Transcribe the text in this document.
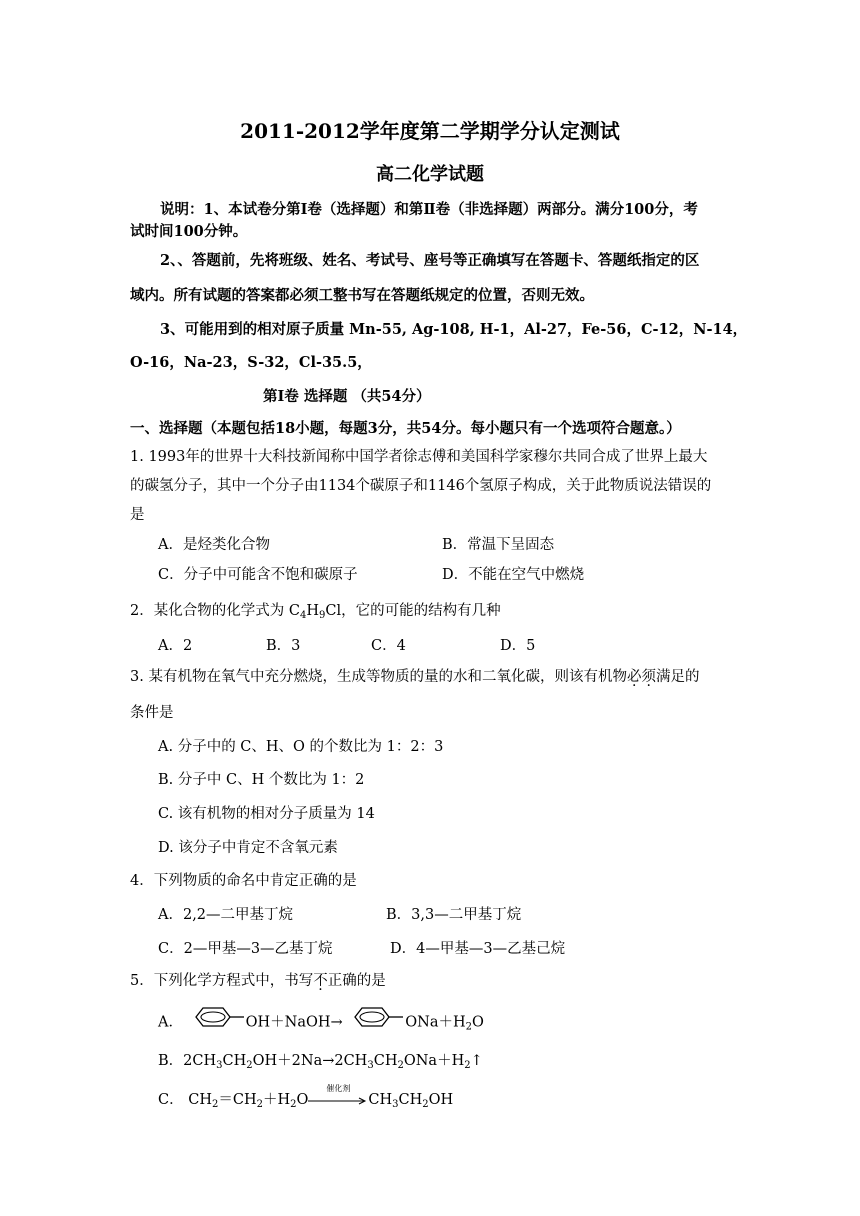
2011-2012学年度第二学期学分认定测试
高二化学试题
说明：1、本试卷分第Ⅰ卷（选择题）和第Ⅱ卷（非选择题）两部分。满分100分，考
试时间100分钟。
2、、答题前，先将班级、姓名、考试号、座号等正确填写在答题卡、答题纸指定的区
域内。所有试题的答案都必须工整书写在答题纸规定的位置，否则无效。
3、可能用到的相对原子质量 Mn-55, Ag-108, H-1，Al-27，Fe-56，C-12，N-14，
O-16，Na-23，S-32，Cl-35.5，
第Ⅰ卷 选择题 （共54分）
一、选择题（本题包括18小题，每题3分，共54分。每小题只有一个选项符合题意。）
1. 1993年的世界十大科技新闻称中国学者徐志傅和美国科学家穆尔共同合成了世界上最大
的碳氢分子，其中一个分子由1134个碳原子和1146个氢原子构成，关于此物质说法错误的
是
A．是烃类化合物	B．常温下呈固态
C．分子中可能含不饱和碳原子	D．不能在空气中燃烧
2．某化合物的化学式为 $C_4H_9Cl$，它的可能的结构有几种
A．2	B．3	C．4	D．5
3. 某有机物在氧气中充分燃烧，生成等物质的量的水和二氧化碳，则该有机物必须满足的
条件是
A. 分子中的 C、H、O 的个数比为 1：2：3
B. 分子中 C、H 个数比为 1：2
C. 该有机物的相对分子质量为 14
D. 该分子中肯定不含氧元素
4．下列物质的命名中肯定正确的是
A．2,2—二甲基丁烷	B．3,3—二甲基丁烷
C．2—甲基—3—乙基丁烷	D．4—甲基—3—乙基己烷
5．下列化学方程式中，书写不正确的是
A．	OH＋NaOH→	$ONa+H_2O$
B．$2CH_3CH_2OH+2Na\to 2CH_3CH_2ONa+H_2↑$
C． $CH_2=CH_2+H_2O$
催化剂
$CH_3CH_2OH$
